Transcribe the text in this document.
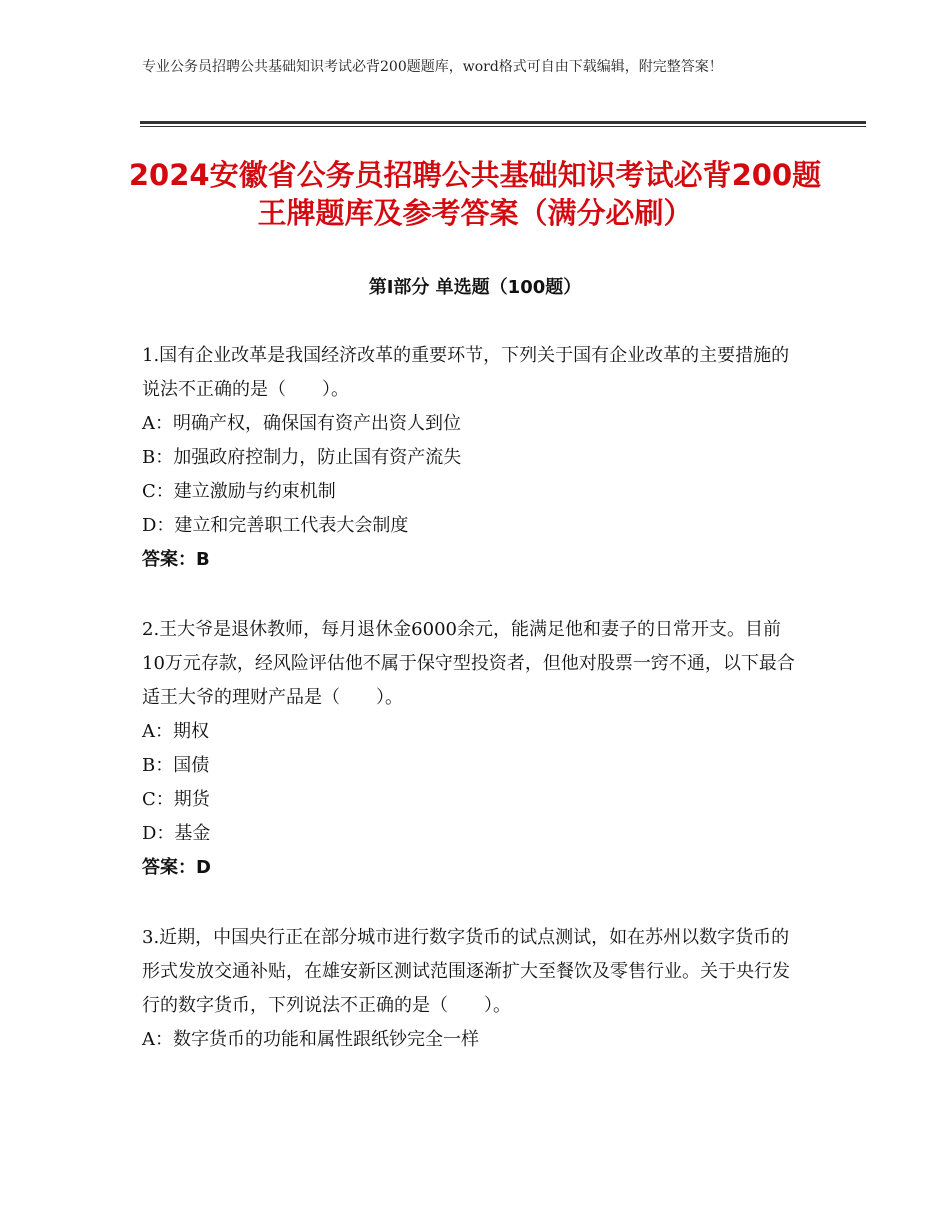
专业公务员招聘公共基础知识考试必背200题题库，word格式可自由下载编辑，附完整答案！
2024安徽省公务员招聘公共基础知识考试必背200题王牌题库及参考答案（满分必刷）
第Ⅰ部分 单选题（100题）

1.国有企业改革是我国经济改革的重要环节，下列关于国有企业改革的主要措施的说法不正确的是（　　）。

A：明确产权，确保国有资产出资人到位

B：加强政府控制力，防止国有资产流失

C：建立激励与约束机制

D：建立和完善职工代表大会制度

答案：B

2.王大爷是退休教师，每月退休金6000余元，能满足他和妻子的日常开支。目前10万元存款，经风险评估他不属于保守型投资者，但他对股票一窍不通，以下最合适王大爷的理财产品是（　　）。

A：期权

B：国债

C：期货

D：基金

答案：D

3.近期，中国央行正在部分城市进行数字货币的试点测试，如在苏州以数字货币的形式发放交通补贴，在雄安新区测试范围逐渐扩大至餐饮及零售行业。关于央行发行的数字货币，下列说法不正确的是（　　）。

A：数字货币的功能和属性跟纸钞完全一样
